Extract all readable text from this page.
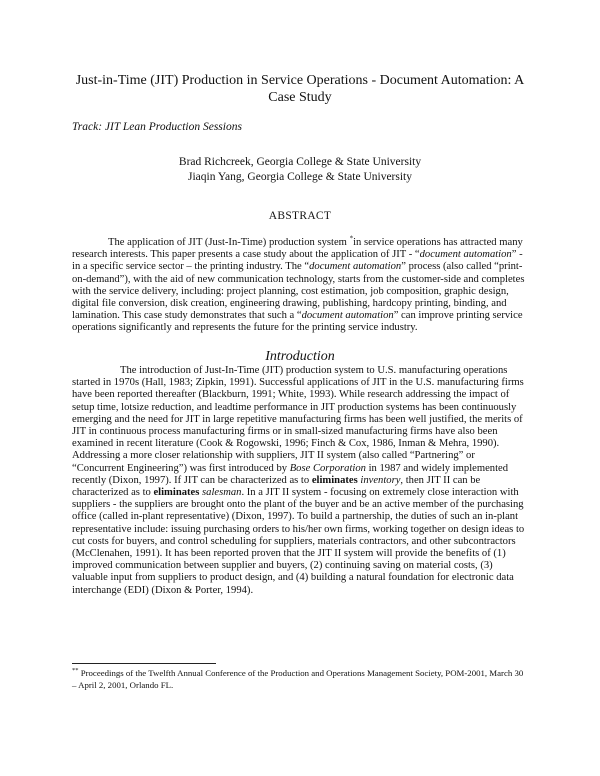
Just-in-Time (JIT) Production in Service Operations - Document Automation: A Case Study
Track: JIT Lean Production Sessions
Brad Richcreek, Georgia College & State University
Jiaqin Yang, Georgia College & State University
ABSTRACT

The application of JIT (Just-In-Time) production system *in service operations has attracted many research interests. This paper presents a case study about the application of JIT - “document automation” - in a specific service sector – the printing industry. The “document automation” process (also called “print-on-demand”), with the aid of new communication technology, starts from the customer-side and completes with the service delivery, including: project planning, cost estimation, job composition, graphic design, digital file conversion, disk creation, engineering drawing, publishing, hardcopy printing, binding, and lamination. This case study demonstrates that such a “document automation” can improve printing service operations significantly and represents the future for the printing service industry.

Introduction

The introduction of Just-In-Time (JIT) production system to U.S. manufacturing operations started in 1970s (Hall, 1983; Zipkin, 1991). Successful applications of JIT in the U.S. manufacturing firms have been reported thereafter (Blackburn, 1991; White, 1993). While research addressing the impact of setup time, lotsize reduction, and leadtime performance in JIT production systems has been continuously emerging and the need for JIT in large repetitive manufacturing firms has been well justified, the merits of JIT in continuous process manufacturing firms or in small-sized manufacturing firms have also been examined in recent literature (Cook & Rogowski, 1996; Finch & Cox, 1986, Inman & Mehra, 1990). Addressing a more closer relationship with suppliers, JIT II system (also called “Partnering” or “Concurrent Engineering”) was first introduced by Bose Corporation in 1987 and widely implemented recently (Dixon, 1997). If JIT can be characterized as to eliminates inventory, then JIT II can be characterized as to eliminates salesman. In a JIT II system - focusing on extremely close interaction with suppliers - the suppliers are brought onto the plant of the buyer and be an active member of the purchasing office (called in-plant representative) (Dixon, 1997). To build a partnership, the duties of such an in-plant representative include: issuing purchasing orders to his/her own firms, working together on design ideas to cut costs for buyers, and control scheduling for suppliers, materials contractors, and other subcontractors (McClenahen, 1991). It has been reported proven that the JIT II system will provide the benefits of (1) improved communication between supplier and buyers, (2) continuing saving on material costs, (3) valuable input from suppliers to product design, and (4) building a natural foundation for electronic data interchange (EDI) (Dixon & Porter, 1994).

** Proceedings of the Twelfth Annual Conference of the Production and Operations Management Society, POM-2001, March 30 – April 2, 2001, Orlando FL.
